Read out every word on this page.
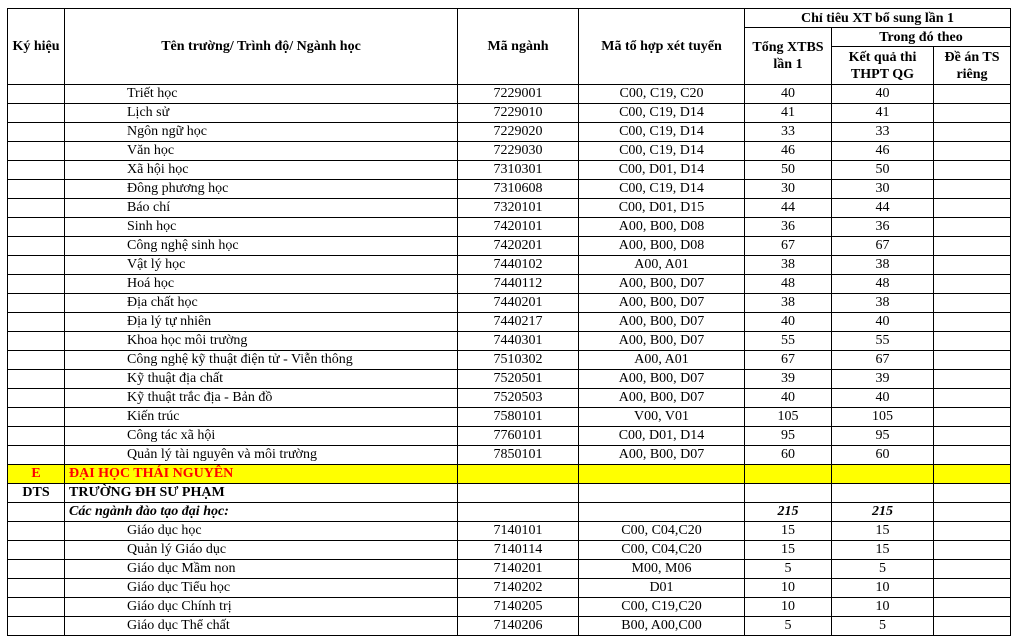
Ký hiệu	Tên trường/ Trình độ/ Ngành học	Mã ngành	Mã tổ hợp xét tuyển	Chỉ tiêu XT bổ sung lần 1		
				Tổng XTBS lần 1	Trong đó theo	
					Kết quả thi THPT QG	Đề án TS riêng
	Triết học	7229001	C00, C19, C20	40	40	
	Lịch sử	7229010	C00, C19, D14	41	41	
	Ngôn ngữ học	7229020	C00, C19, D14	33	33	
	Văn học	7229030	C00, C19, D14	46	46	
	Xã hội học	7310301	C00, D01, D14	50	50	
	Đông phương học	7310608	C00, C19, D14	30	30	
	Báo chí	7320101	C00, D01, D15	44	44	
	Sinh học	7420101	A00, B00, D08	36	36	
	Công nghệ sinh học	7420201	A00, B00, D08	67	67	
	Vật lý học	7440102	A00, A01	38	38	
	Hoá học	7440112	A00, B00, D07	48	48	
	Địa chất học	7440201	A00, B00, D07	38	38	
	Địa lý tự nhiên	7440217	A00, B00, D07	40	40	
	Khoa học môi trường	7440301	A00, B00, D07	55	55	
	Công nghệ kỹ thuật điện tử - Viễn thông	7510302	A00, A01	67	67	
	Kỹ thuật địa chất	7520501	A00, B00, D07	39	39	
	Kỹ thuật trắc địa - Bản đồ	7520503	A00, B00, D07	40	40	
	Kiến trúc	7580101	V00, V01	105	105	
	Công tác xã hội	7760101	C00, D01, D14	95	95	
	Quản lý tài nguyên và môi trường	7850101	A00, B00, D07	60	60	
E	ĐẠI HỌC THÁI NGUYÊN					
DTS	TRƯỜNG ĐH SƯ PHẠM					
	Các ngành đào tạo đại học:			215	215	
	Giáo dục học	7140101	C00, C04,C20	15	15	
	Quản lý Giáo dục	7140114	C00, C04,C20	15	15	
	Giáo dục Mầm non	7140201	M00, M06	5	5	
	Giáo dục Tiểu học	7140202	D01	10	10	
	Giáo dục Chính trị	7140205	C00, C19,C20	10	10	
	Giáo dục Thể chất	7140206	B00, A00,C00	5	5	
